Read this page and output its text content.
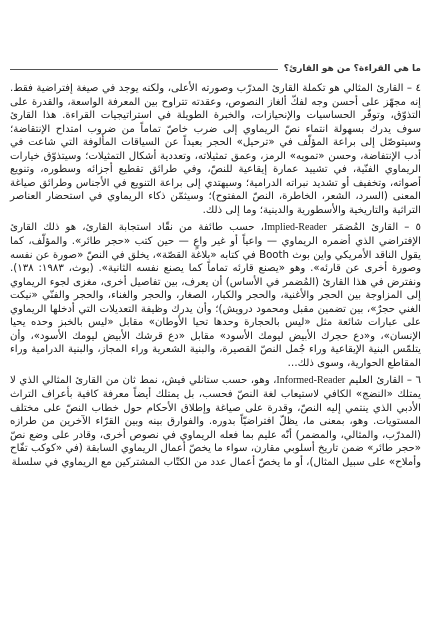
ما هي القراءة؟ من هو القارئ؟

٤ – القارئ المثالي هو تكملة القارئ المدرّب وصورته الأعلى، ولكنه يوجد في صيغة إفتراضية فقط. إنه مجهّز على أحسن وجه لفكّ ألغاز النصوص، وعقدته تتراوح بين المعرفة الواسعة، والقدرة على التذوّق، وتوفّر الحساسيات والإنحيازات، والخبرة الطويلة في استراتيجيات القراءة. هذا القارئ سوف يدرك بسهولة انتماء نصّ الريماوي إلى ضرب خاصّ تماماً من ضروب امتداح الإنتقاضة؛ وسيتوصّل إلى براعة المؤلّف في «ترحيل» الحجر بعيداً عن السياقات المألوفة التي شاعت في أدب الإنتفاضة، وحسن «تمويه» الرمز، وعمق تمثيلاته، وتعددية أشكال التمثيلات؛ وسيتذوّق خيارات الريماوي الفنّية، في تشييد عمارة إيقاعية للنصّ، وفي طرائق تقطيع أجزائه وسطوره، وتنويع أصواته، وتخفيف أو تشديد نبراته الدرامية؛ وسيهتدي إلى براعة التنويع في الأجناس وطرائق صياغة المعنى (السرد، الشعر، الخاطرة، النصّ المفتوح)؛ وسيثمّن ذكاء الريماوي في استحضار العناصر التراثية والتاريخية والأسطورية والدينية؛ وما إلى ذلك.

٥ – القارئ المُضمَر Implied-Reader، حسب طائفة من نقّاد استجابة القارئ، هو ذلك القارئ الإفتراضي الذي أضمره الريماوي — واعياً أو غير واعٍ — حين كتب «حجر طائر». والمؤلّف، كما يقول الناقد الأمريكي واين بوث Booth في كتابه «بلاغة القصّة»، يخلق في النصّ «صورة عن نفسه وصورة أخرى عن قارئه». وهو «يصنع قارئه تماماً كما يصنع نفسه الثانية». (بوث، ١٩٨٣: ١٣٨). ونفترض في هذا القارئ (المُضمر في الأساس) أن يعرف، بين تفاصيل أخرى، مغزى لجوء الريماوي إلى المزاوجة بين الحجر والأغنية، والحجر والكبار، الصغار، والحجر والغناء، والحجر والفنّي «نيكت الغني حجرٌ»، بين تضمين مقبل ومحمود درويش)؛ وأن يدرك وظيفة التعديلات التي أدخلها الريماوي على عبارات شائعة مثل «ليس بالحجارة وحدها تحيا الأوطان» مقابل «ليس بالخبز وحده يحيا الإنسان»، و«دع حجرك الأبيض ليومك الأسود» مقابل «دع قرشك الأبيض ليومك الأسود»، وأن يتلمّس البنية الإيقاعية وراء جُمل النصّ القصيرة، والبنية الشعرية وراء المجاز، والبنية الدرامية وراء المقاطع الحوارية، وسوى ذلك…

٦ – القارئ العليم Informed-Reader، وهو، حسب ستانلي فيش، نمط ثان من القارئ المثالي الذي لا يمتلك «النضج» الكافي لاستيعاب لغة النصّ فحسب، بل يمتلك أيضاً معرفة كافية بأعراف التراث الأدبي الذي ينتمي إليه النصّ، وقدرة على صياغة وإطلاق الأحكام حول خطاب النصّ على مختلف المستويات. وهو، بمعنى ما، يظلّ افتراضيّاً بدوره. والفوارق بينه وبين القرّاء الآخرين من طرازه (المدرّب، والمثالي، والمضمر) أنّه عليم بما فعله الريماوي في نصوص أخرى، وقادر على وضع نصّ «حجر طائر» ضمن تاريخ أسلوبي مقارن، سواء ما يخصّ أعمال الريماوي السابقة (في «كوكب تفّاح وأملاح» على سبيل المثال)، أو ما يخصّ أعمال عدد من الكتّاب المشتركين مع الريماوي في سلسلة
